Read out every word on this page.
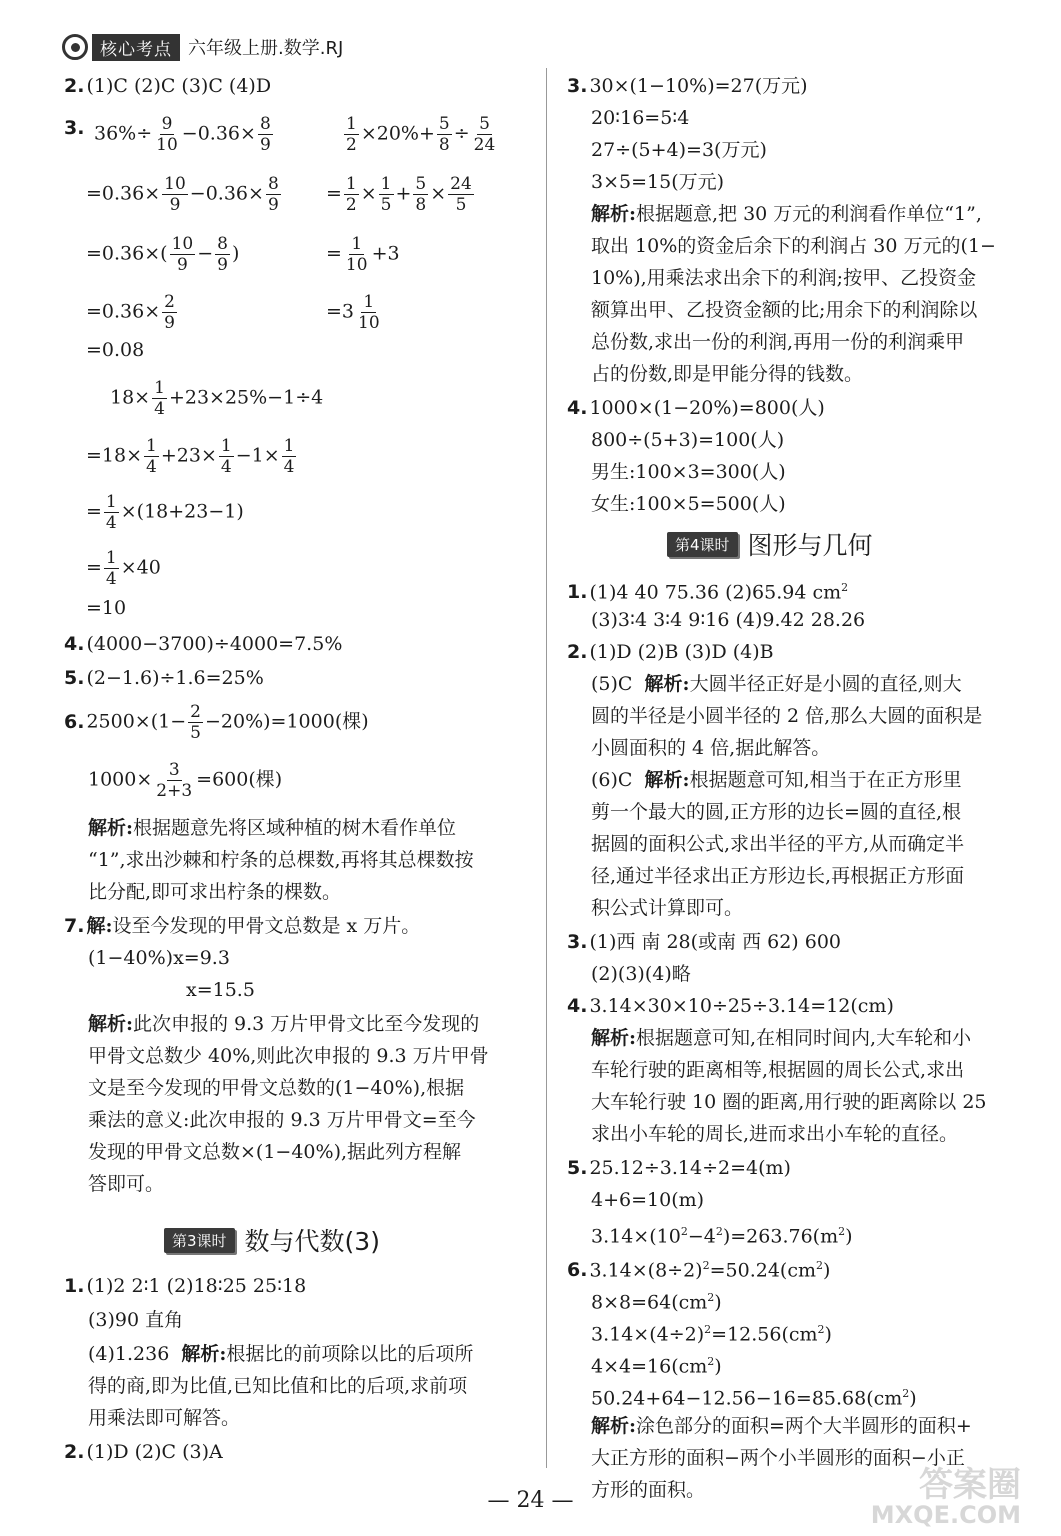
核心考点 六年级上册.数学.RJ
2. (1)C (2)C (3)C (4)D
3. $36\%\div \frac{9}{10} -0.36\times \frac{8}{9}$
$=0.36\times \frac{10}{9} -0.36\times \frac{8}{9}$
$=0.36\times( \frac{10}{9} - \frac{8}{9}$ )
$=0.36\times \frac{2}{9}$
=0.08
$\frac{1}{2} \times 20\%+ \frac{5}{8} \div \frac{5}{24}$
= $\frac{1}{2} \times \frac{1}{5} + \frac{5}{8} \times \frac{24}{5}$
= $\frac{1}{10} +3$
$=3 \frac{1}{10}$
$18\times \frac{1}{4} +23\times 25\%-1\div 4$
$=18\times \frac{1}{4} +23\times \frac{1}{4} -1\times \frac{1}{4}$
= $\frac{1}{4} \times(18+23-1)$
= $\frac{1}{4} \times 40$
=10
4. (4000−3700)÷4000=7.5%
5. (2−1.6)÷1.6=25%
6. $2500\times(1- \frac{2}{5} -20\%)=1000$(棵)
$1000\times \frac{3}{2+3} =600$(棵)
解析:根据题意先将区域种植的树木看作单位
“1”,求出沙棘和柠条的总棵数,再将其总棵数按
比分配,即可求出柠条的棵数。
7. 解:设至今发现的甲骨文总数是 x 万片。
(1−40%)x=9.3
x=15.5
解析:此次申报的 9.3 万片甲骨文比至今发现的
甲骨文总数少 40%,则此次申报的 9.3 万片甲骨
文是至今发现的甲骨文总数的(1−40%),根据
乘法的意义:此次申报的 9.3 万片甲骨文=至今
发现的甲骨文总数×(1−40%),据此列方程解
答即可。
第3课时 数与代数(3)
1. (1)2 2∶1 (2)18∶25 25∶18
(3)90 直角
(4)1.236 解析:根据比的前项除以比的后项所
得的商,即为比值,已知比值和比的后项,求前项
用乘法即可解答。
2. (1)D (2)C (3)A
3. 30×(1−10%)=27(万元)
20∶16=5∶4
27÷(5+4)=3(万元)
3×5=15(万元)
解析:根据题意,把 30 万元的利润看作单位“1”,
取出 10%的资金后余下的利润占 30 万元的(1−
10%),用乘法求出余下的利润;按甲、乙投资金
额算出甲、乙投资金额的比;用余下的利润除以
总份数,求出一份的利润,再用一份的利润乘甲
占的份数,即是甲能分得的钱数。
4. 1000×(1−20%)=800(人)
800÷(5+3)=100(人)
男生:100×3=300(人)
女生:100×5=500(人)
第4课时 图形与几何
1. (1)4 40 75.36 (2)65.94 $cm^2$
(3)3∶4 3∶4 9∶16 (4)9.42 28.26
2. (1)D (2)B (3)D (4)B
(5)C 解析:大圆半径正好是小圆的直径,则大
圆的半径是小圆半径的 2 倍,那么大圆的面积是
小圆面积的 4 倍,据此解答。
(6)C 解析:根据题意可知,相当于在正方形里
剪一个最大的圆,正方形的边长=圆的直径,根
据圆的面积公式,求出半径的平方,从而确定半
径,通过半径求出正方形边长,再根据正方形面
积公式计算即可。
3. (1)西 南 28(或南 西 62) 600
(2)(3)(4)略
4. 3.14×30×10÷25÷3.14=12(cm)
解析:根据题意可知,在相同时间内,大车轮和小
车轮行驶的距离相等,根据圆的周长公式,求出
大车轮行驶 10 圈的距离,用行驶的距离除以 25
求出小车轮的周长,进而求出小车轮的直径。
5. 25.12÷3.14÷2=4(m)
4+6=10(m)
$3.14\times(10^2-4^2)=263.76(m^2)$
6. $3.14\times(8\div 2)^2=50.24(cm^2)$
$8\times 8=64(cm^2)$
$3.14\times(4\div 2)^2=12.56(cm^2)$
$4\times 4=16(cm^2)$
$50.24+64-12.56-16=85.68(cm^2)$
解析:涂色部分的面积=两个大半圆形的面积+
大正方形的面积−两个小半圆形的面积−小正
方形的面积。
— 24 —	答案圈
MXQE.COM
